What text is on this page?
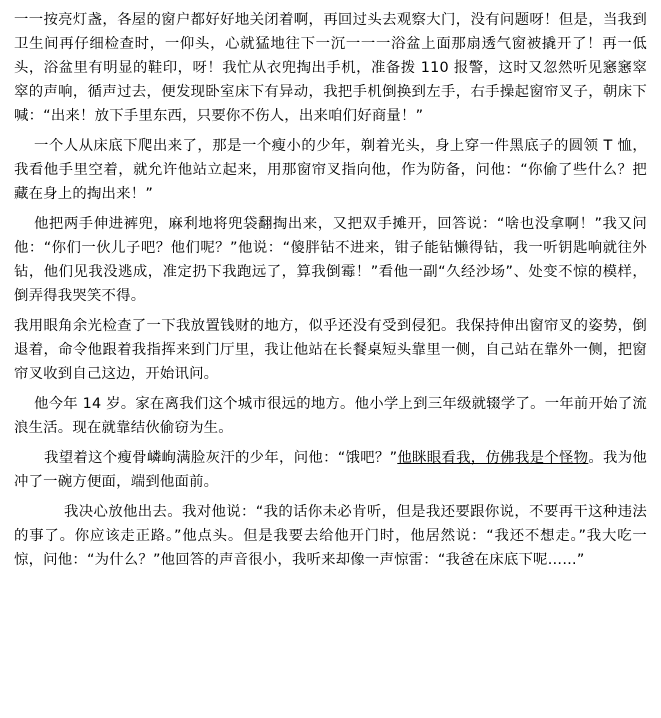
一一按亮灯盏，各屋的窗户都好好地关闭着啊，再回过头去观察大门，没有问题呀！但是，当我到卫生间再仔细检查时，一仰头，心就猛地往下一沉一一一浴盆上面那扇透气窗被撬开了！再一低头，浴盆里有明显的鞋印，呀！我忙从衣兜掏出手机，准备拨 110 报警，这时又忽然听见窸窸窣窣的声响，循声过去，便发现卧室床下有异动，我把手机倒换到左手，右手操起窗帘叉子，朝床下喊：“出来！放下手里东西，只要你不伤人，出来咱们好商量！”

一个人从床底下爬出来了，那是一个瘦小的少年，剃着光头，身上穿一件黑底子的圆领 T 恤，我看他手里空着，就允许他站立起来，用那窗帘叉指向他，作为防备，问他：“你偷了些什么？把藏在身上的掏出来！”

他把两手伸进裤兜，麻利地将兜袋翻掏出来，又把双手摊开，回答说：“啥也没拿啊！”我又问他：“你们一伙儿子吧？他们呢？”他说：“傻胖钻不进来，钳子能钻懒得钻，我一听钥匙响就往外钻，他们见我没逃成，准定扔下我跑远了，算我倒霉！”看他一副“久经沙场”、处变不惊的模样，倒弄得我哭笑不得。

我用眼角余光检查了一下我放置钱财的地方，似乎还没有受到侵犯。我保持伸出窗帘叉的姿势，倒退着，命令他跟着我指挥来到门厅里，我让他站在长餐桌短头靠里一侧，自己站在靠外一侧，把窗帘叉收到自己这边，开始讯问。

他今年 14 岁。家在离我们这个城市很远的地方。他小学上到三年级就辍学了。一年前开始了流浪生活。现在就靠结伙偷窃为生。

我望着这个瘦骨嶙峋满脸灰汗的少年，问他：“饿吧？”他眯眼看我，仿佛我是个怪物。我为他冲了一碗方便面，端到他面前。

我决心放他出去。我对他说：“我的话你未必肯听，但是我还要跟你说，不要再干这种违法的事了。你应该走正路。”他点头。但是我要去给他开门时，他居然说：“我还不想走。”我大吃一惊，问他：“为什么？”他回答的声音很小，我听来却像一声惊雷：“我爸在床底下呢……”
